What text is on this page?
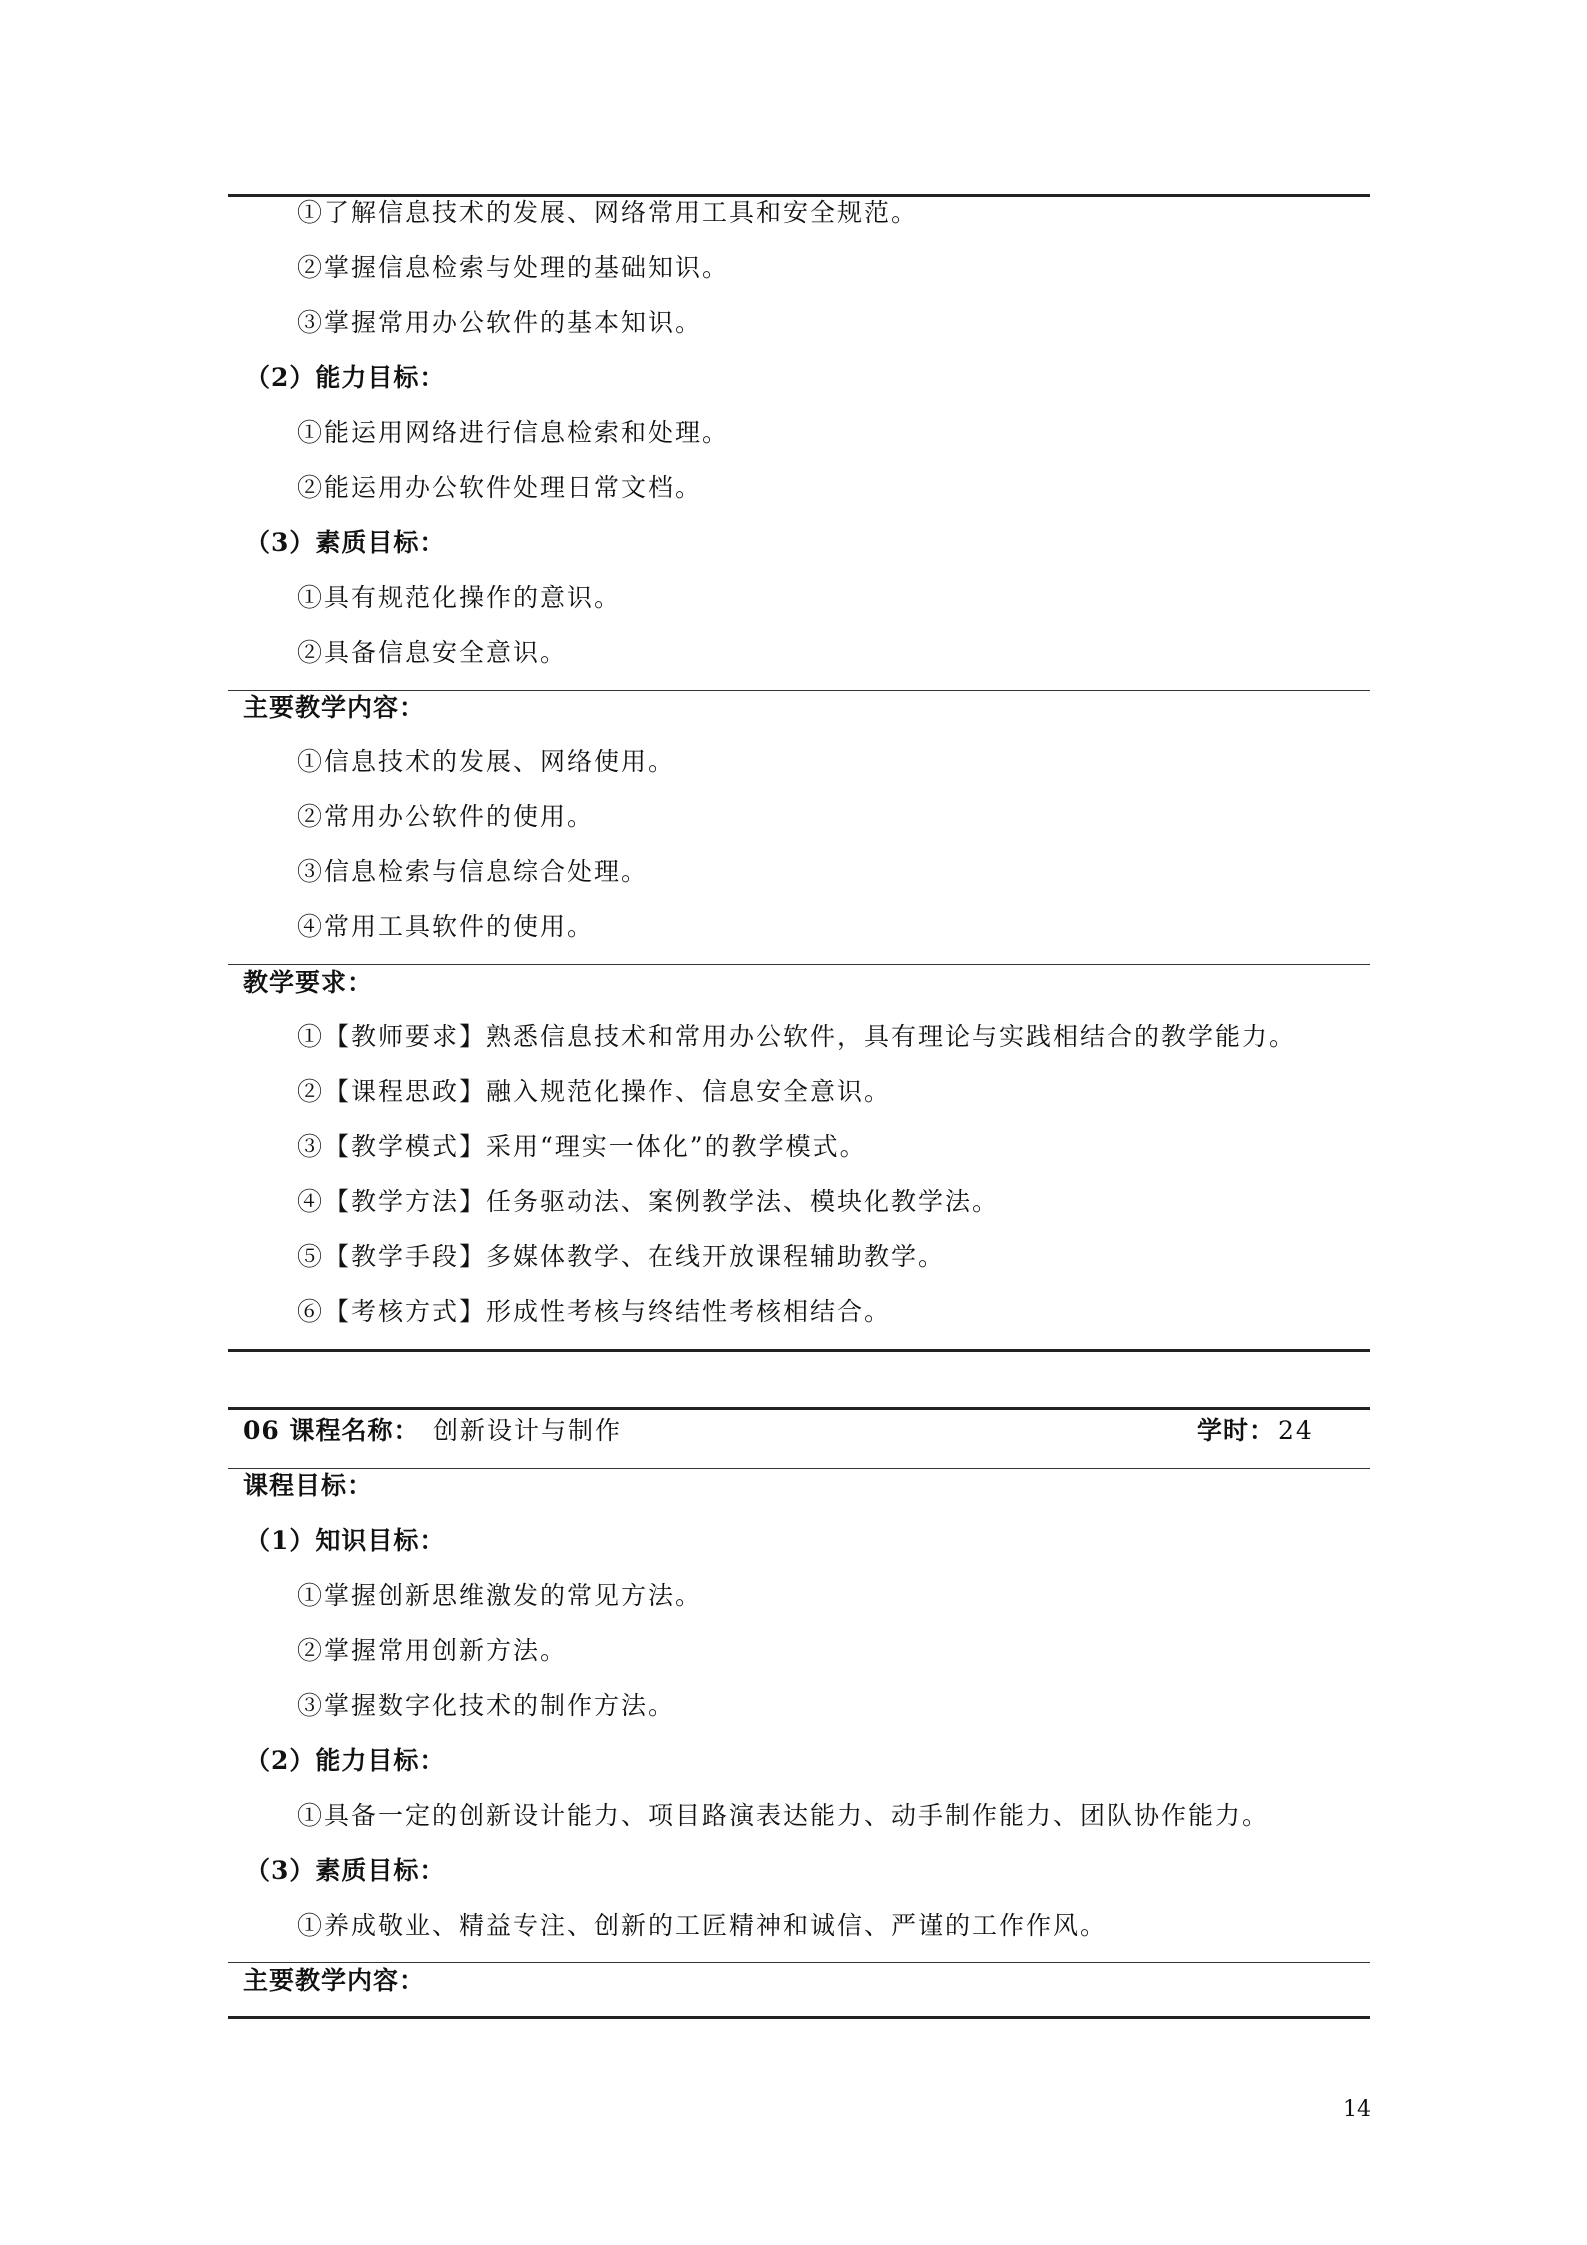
①了解信息技术的发展、网络常用工具和安全规范。
②掌握信息检索与处理的基础知识。
③掌握常用办公软件的基本知识。
（2）能力目标：
①能运用网络进行信息检索和处理。
②能运用办公软件处理日常文档。
（3）素质目标：
①具有规范化操作的意识。
②具备信息安全意识。
主要教学内容：
①信息技术的发展、网络使用。
②常用办公软件的使用。
③信息检索与信息综合处理。
④常用工具软件的使用。
教学要求：
①【教师要求】熟悉信息技术和常用办公软件，具有理论与实践相结合的教学能力。
②【课程思政】融入规范化操作、信息安全意识。
③【教学模式】采用“理实一体化”的教学模式。
④【教学方法】任务驱动法、案例教学法、模块化教学法。
⑤【教学手段】多媒体教学、在线开放课程辅助教学。
⑥【考核方式】形成性考核与终结性考核相结合。
06 课程名称： 创新设计与制作	学时： 24
课程目标：
（1）知识目标：
①掌握创新思维激发的常见方法。
②掌握常用创新方法。
③掌握数字化技术的制作方法。
（2）能力目标：
①具备一定的创新设计能力、项目路演表达能力、动手制作能力、团队协作能力。
（3）素质目标：
①养成敬业、精益专注、创新的工匠精神和诚信、严谨的工作作风。
主要教学内容：
14
